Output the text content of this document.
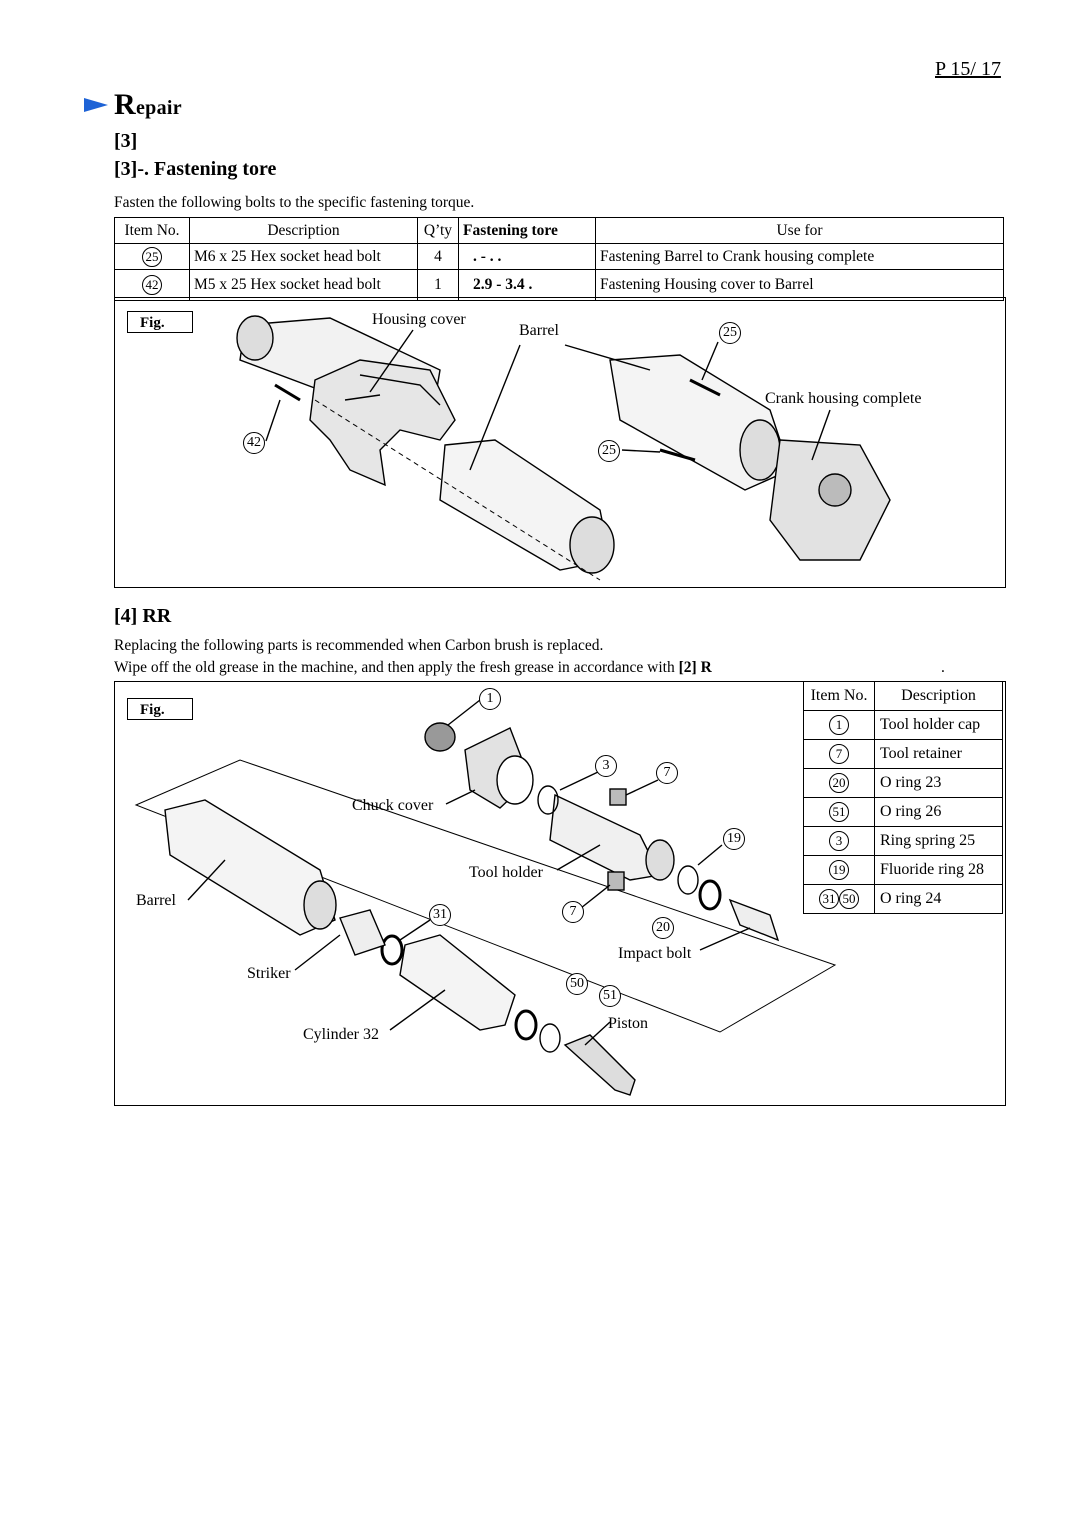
P 15/ 17
Repair
[3]
[3]-. Fastening tore
Fasten the following bolts to the specific fastening torque.
Item No.	Description	Q’ty	Fastening tore	Use for
25	M6 x 25 Hex socket head bolt	4	. - . .	Fastening Barrel to Crank housing complete
42	M5 x 25 Hex socket head bolt	1	2.9 - 3.4 .	Fastening Housing cover to Barrel
Fig.	Housing cover
Barrel
Crank housing complete
25
25
42
[4] RR
Replacing the following parts is recommended when Carbon brush is replaced.
Wipe off the old grease in the machine, and then apply the fresh grease in accordance with [2] R	.
Fig.
Chuck cover
Tool holder
Barrel
Striker
Cylinder 32
Impact bolt
Piston
1
3	7
19
7
20
31
50
51
Item No.	Description
1	Tool holder cap
7	Tool retainer
20	O ring 23
51	O ring 26
3	Ring spring 25
19	Fluoride ring 28
31 50	O ring 24
